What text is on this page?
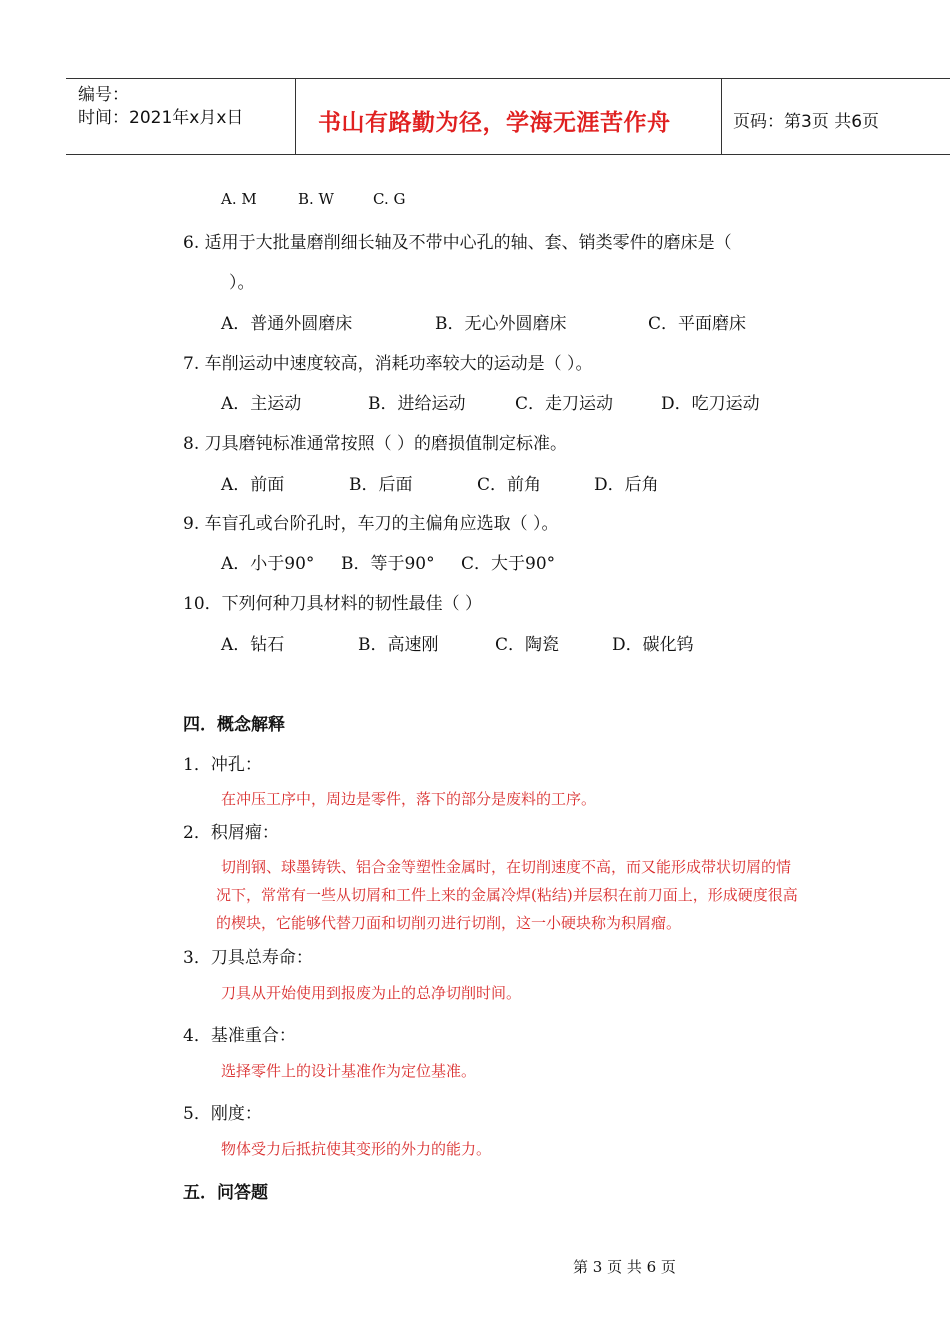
编号：
时间：2021年x月x日	书山有路勤为径，学海无涯苦作舟	页码：第3页 共6页
A. M	B. W	C. G
6. 适用于大批量磨削细长轴及不带中心孔的轴、套、销类零件的磨床是（
）。
A．普通外圆磨床	B．无心外圆磨床	C．平面磨床
7. 车削运动中速度较高，消耗功率较大的运动是（ ）。
A．主运动	B．进给运动	C．走刀运动	D．吃刀运动
8. 刀具磨钝标准通常按照（ ）的磨损值制定标准。
A．前面	B．后面	C．前角	D．后角
9. 车盲孔或台阶孔时，车刀的主偏角应选取（ ）。
A．小于90° B．等于90° C．大于90°
10．下列何种刀具材料的韧性最佳（ ）
A．钻石	B．高速刚	C．陶瓷	D．碳化钨
四．概念解释
1．冲孔：
在冲压工序中，周边是零件，落下的部分是废料的工序。
2．积屑瘤：
切削钢、球墨铸铁、铝合金等塑性金属时，在切削速度不高，而又能形成带状切屑的情
况下，常常有一些从切屑和工件上来的金属冷焊(粘结)并层积在前刀面上，形成硬度很高
的楔块，它能够代替刀面和切削刃进行切削，这一小硬块称为积屑瘤。
3．刀具总寿命：
刀具从开始使用到报废为止的总净切削时间。
4．基准重合：
选择零件上的设计基准作为定位基准。
5．刚度：
物体受力后抵抗使其变形的外力的能力。
五．问答题
第 3 页 共 6 页
